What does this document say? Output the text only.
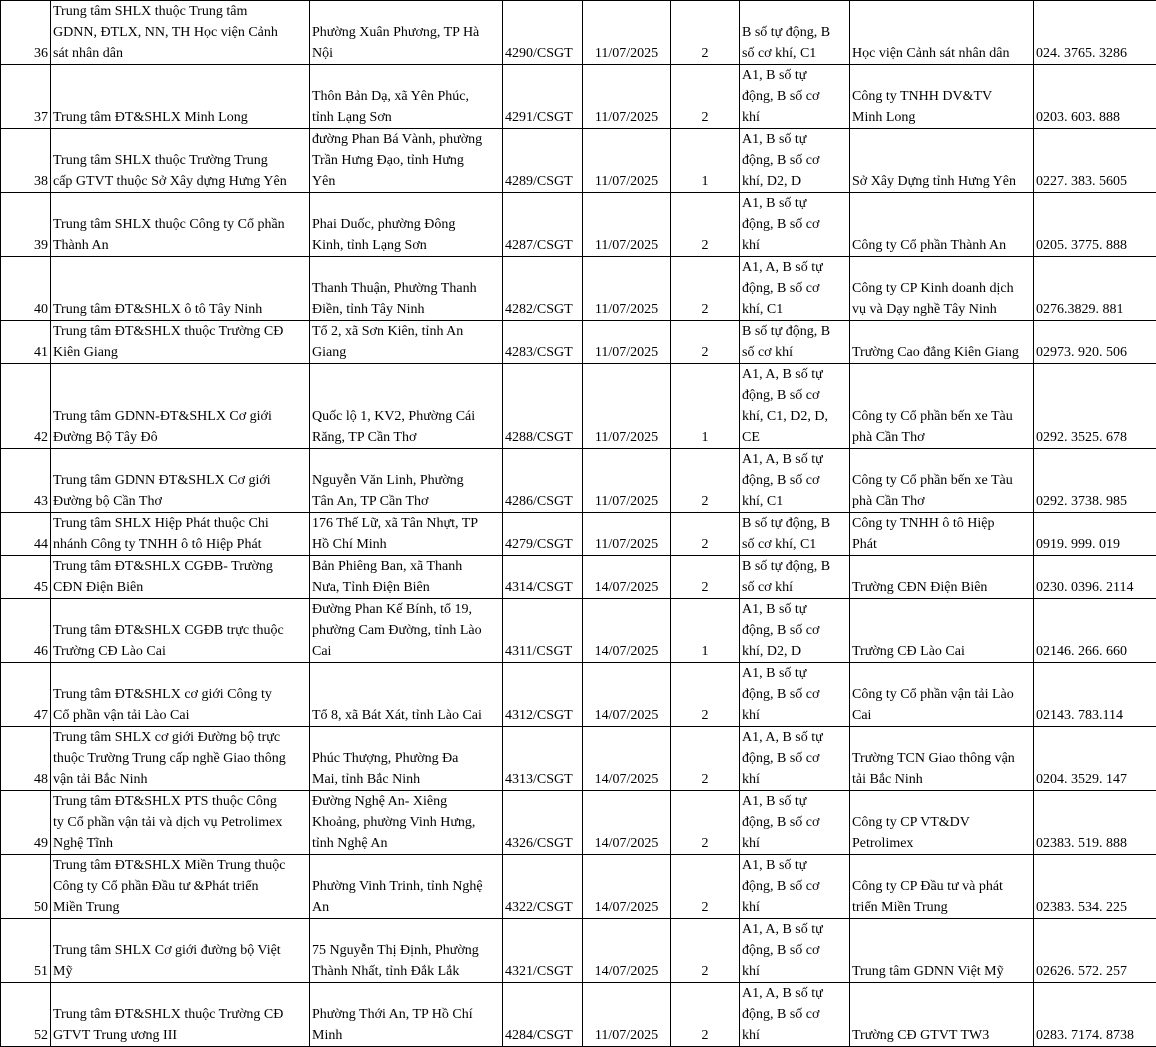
36	Trung tâm SHLX thuộc Trung tâm
GDNN, ĐTLX, NN, TH Học viện Cảnh
sát nhân dân	Phường Xuân Phương, TP Hà Nội	4290/CSGT	11/07/2025	2	B số tự động, B
số cơ khí, C1	Học viện Cảnh sát nhân dân	024. 3765. 3286
37	Trung tâm ĐT&SHLX Minh Long	Thôn Bản Dạ, xã Yên Phúc,
tỉnh Lạng Sơn	4291/CSGT	11/07/2025	2	A1, B số tự
động, B số cơ
khí	Công ty TNHH DV&TV
Minh Long	0203. 603. 888
38	Trung tâm SHLX thuộc Trường Trung
cấp GTVT thuộc Sở Xây dựng Hưng Yên	đường Phan Bá Vành, phường
Trần Hưng Đạo, tỉnh Hưng
Yên	4289/CSGT	11/07/2025	1	A1, B số tự
động, B số cơ
khí, D2, D	Sở Xây Dựng tỉnh Hưng Yên	0227. 383. 5605
39	Trung tâm SHLX thuộc Công ty Cổ phần
Thành An	Phai Duốc, phường Đông
Kinh, tỉnh Lạng Sơn	4287/CSGT	11/07/2025	2	A1, B số tự
động, B số cơ
khí	Công ty Cổ phần Thành An	0205. 3775. 888
40	Trung tâm ĐT&SHLX ô tô Tây Ninh	Thanh Thuận, Phường Thanh
Điền, tỉnh Tây Ninh	4282/CSGT	11/07/2025	2	A1, A, B số tự
động, B số cơ
khí, C1	Công ty CP Kinh doanh dịch
vụ và Dạy nghề Tây Ninh	0276.3829. 881
41	Trung tâm ĐT&SHLX thuộc Trường CĐ
Kiên Giang	Tổ 2, xã Sơn Kiên, tỉnh An Giang	4283/CSGT	11/07/2025	2	B số tự động, B
số cơ khí	Trường Cao đẳng Kiên Giang	02973. 920. 506
42	Trung tâm GDNN-ĐT&SHLX Cơ giới
Đường Bộ Tây Đô	Quốc lộ 1, KV2, Phường Cái
Răng, TP Cần Thơ	4288/CSGT	11/07/2025	1	A1, A, B số tự
động, B số cơ
khí, C1, D2, D,
CE	Công ty Cổ phần bến xe Tàu
phà Cần Thơ	0292. 3525. 678
43	Trung tâm GDNN ĐT&SHLX Cơ giới
Đường bộ Cần Thơ	Nguyễn Văn Linh, Phường
Tân An, TP Cần Thơ	4286/CSGT	11/07/2025	2	A1, A, B số tự
động, B số cơ
khí, C1	Công ty Cổ phần bến xe Tàu
phà Cần Thơ	0292. 3738. 985
44	Trung tâm SHLX Hiệp Phát thuộc Chi
nhánh Công ty TNHH ô tô Hiệp Phát	176 Thế Lữ, xã Tân Nhựt, TP
Hồ Chí Minh	4279/CSGT	11/07/2025	2	B số tự động, B
số cơ khí, C1	Công ty TNHH ô tô Hiệp
Phát	0919. 999. 019
45	Trung tâm ĐT&SHLX CGĐB- Trường
CĐN Điện Biên	Bản Phiêng Ban, xã Thanh
Nưa, Tỉnh Điện Biên	4314/CSGT	14/07/2025	2	B số tự động, B
số cơ khí	Trường CĐN Điện Biên	0230. 0396. 2114
46	Trung tâm ĐT&SHLX CGĐB trực thuộc
Trường CĐ Lào Cai	Đường Phan Kế Bính, tổ 19,
phường Cam Đường, tỉnh Lào
Cai	4311/CSGT	14/07/2025	1	A1, B số tự
động, B số cơ
khí, D2, D	Trường CĐ Lào Cai	02146. 266. 660
47	Trung tâm ĐT&SHLX cơ giới Công ty
Cổ phần vận tải Lào Cai	Tổ 8, xã Bát Xát, tỉnh Lào Cai	4312/CSGT	14/07/2025	2	A1, B số tự
động, B số cơ
khí	Công ty Cổ phần vận tải Lào
Cai	02143. 783.114
48	Trung tâm SHLX cơ giới Đường bộ trực
thuộc Trường Trung cấp nghề Giao thông
vận tải Bắc Ninh	Phúc Thượng, Phường Đa
Mai, tỉnh Bắc Ninh	4313/CSGT	14/07/2025	2	A1, A, B số tự
động, B số cơ
khí	Trường TCN Giao thông vận
tải Bắc Ninh	0204. 3529. 147
49	Trung tâm ĐT&SHLX PTS thuộc Công
ty Cổ phần vận tải và dịch vụ Petrolimex
Nghệ Tĩnh	Đường Nghệ An- Xiêng
Khoảng, phường Vinh Hưng,
tỉnh Nghệ An	4326/CSGT	14/07/2025	2	A1, B số tự
động, B số cơ
khí	Công ty CP VT&DV
Petrolimex	02383. 519. 888
50	Trung tâm ĐT&SHLX Miền Trung thuộc
Công ty Cổ phần Đầu tư &Phát triển
Miền Trung	Phường Vinh Trinh, tỉnh Nghệ
An	4322/CSGT	14/07/2025	2	A1, B số tự
động, B số cơ
khí	Công ty CP Đầu tư và phát
triển Miền Trung	02383. 534. 225
51	Trung tâm SHLX Cơ giới đường bộ Việt
Mỹ	75 Nguyễn Thị Định, Phường
Thành Nhất, tỉnh Đắk Lắk	4321/CSGT	14/07/2025	2	A1, A, B số tự
động, B số cơ
khí	Trung tâm GDNN Việt Mỹ	02626. 572. 257
52	Trung tâm ĐT&SHLX thuộc Trường CĐ
GTVT Trung ương III	Phường Thới An, TP Hồ Chí
Minh	4284/CSGT	11/07/2025	2	A1, A, B số tự
động, B số cơ
khí	Trường CĐ GTVT TW3	0283. 7174. 8738
